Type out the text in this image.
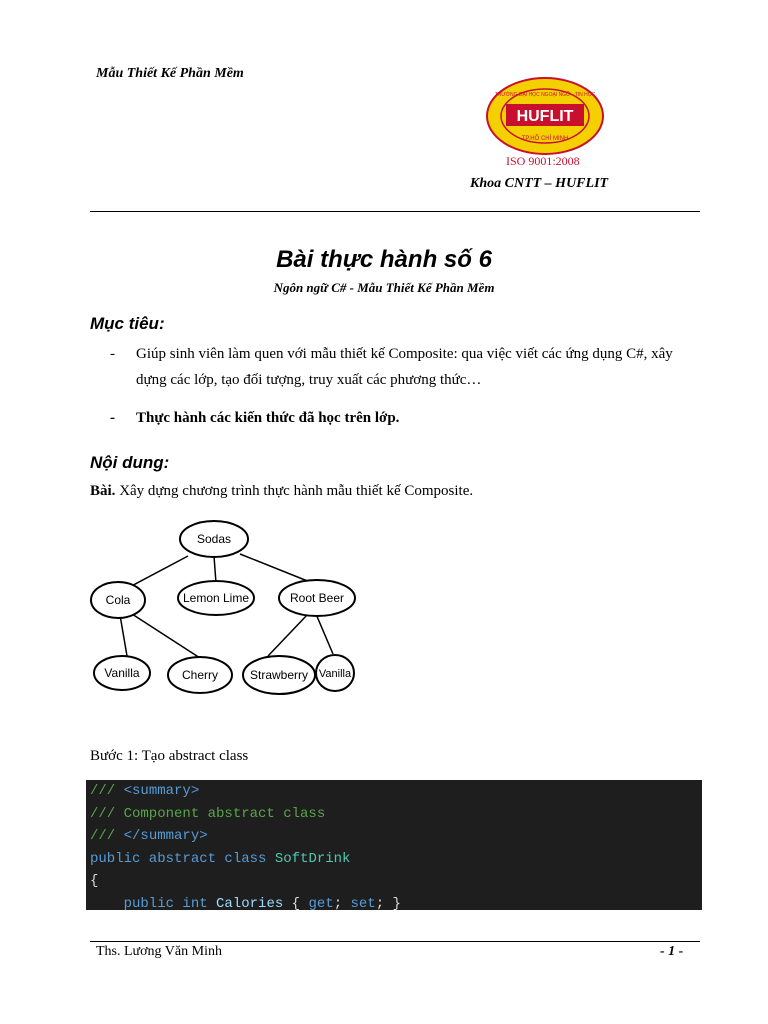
Mẫu Thiết Kế Phần Mềm
HUFLIT
TRƯỜNG ĐẠI HỌC NGOẠI NGỮ - TIN HỌC
TP.HỒ CHÍ MINH
ISO 9001:2008
Khoa CNTT – HUFLIT
Bài thực hành số 6
Ngôn ngữ C# - Mẫu Thiết Kế Phần Mềm
Mục tiêu:
- Giúp sinh viên làm quen với mẫu thiết kế Composite: qua việc viết các ứng dụng C#, xây dựng các lớp, tạo đối tượng, truy xuất các phương thức…
- Thực hành các kiến thức đã học trên lớp.
Nội dung:
Bài. Xây dựng chương trình thực hành mẫu thiết kế Composite.
Sodas
Cola	Lemon Lime	Root Beer
Vanilla	Cherry	Strawberry Vanilla
Bước 1: Tạo abstract class
/// <summary>
/// Component abstract class
/// </summary>
public abstract class SoftDrink
{
public int Calories { get; set; }
Ths. Lương Văn Minh	- 1 -
